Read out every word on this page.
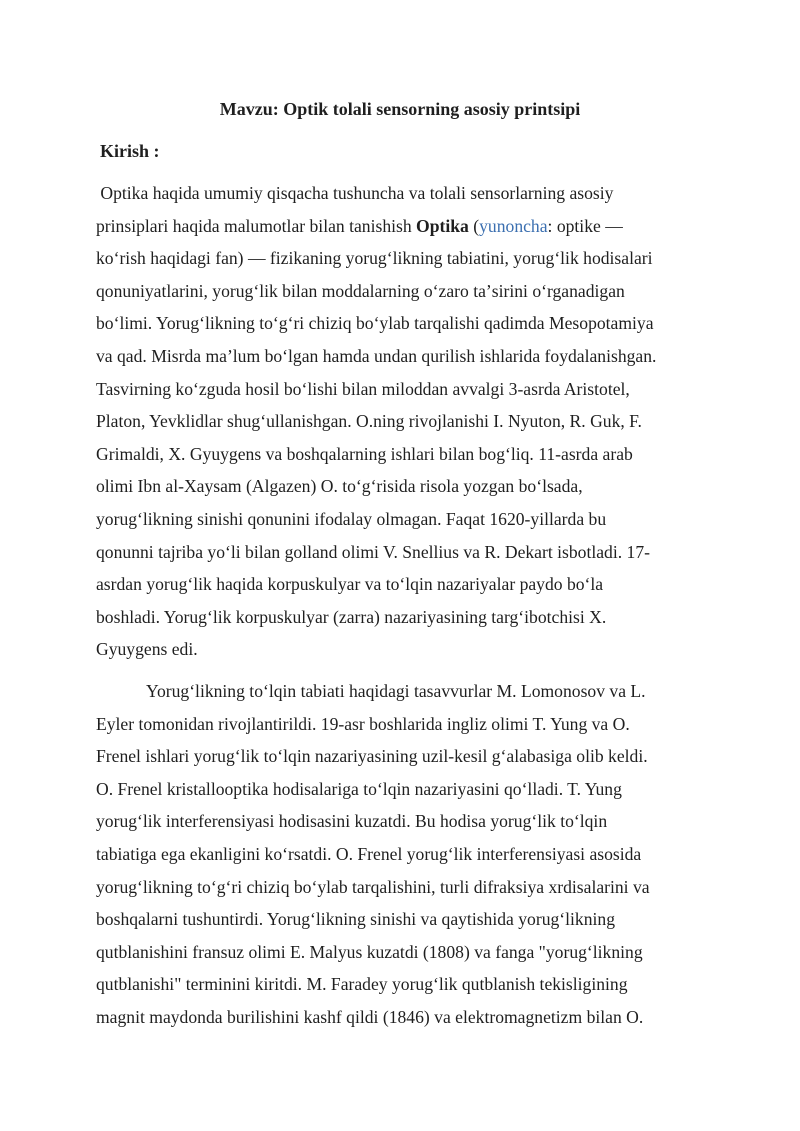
Mavzu: Optik tolali sensorning asosiy printsipi
Kirish :
Optika haqida umumiy qisqacha tushuncha va tolali sensorlarning asosiy
prinsiplari haqida malumotlar bilan tanishish Optika (yunoncha: optike —
koʻrish haqidagi fan) — fizikaning yorugʻlikning tabiatini, yorugʻlik hodisalari
qonuniyatlarini, yorugʻlik bilan moddalarning oʻzaro taʼsirini oʻrganadigan
boʻlimi. Yorugʻlikning toʻgʻri chiziq boʻylab tarqalishi qadimda Mesopotamiya
va qad. Misrda maʼlum boʻlgan hamda undan qurilish ishlarida foydalanishgan.
Tasvirning koʻzguda hosil boʻlishi bilan miloddan avvalgi 3-asrda Aristotel,
Platon, Yevklidlar shugʻullanishgan. O.ning rivojlanishi I. Nyuton, R. Guk, F.
Grimaldi, X. Gyuygens va boshqalarning ishlari bilan bogʻliq. 11-asrda arab
olimi Ibn al-Xaysam (Algazen) O. toʻgʻrisida risola yozgan boʻlsada,
yorugʻlikning sinishi qonunini ifodalay olmagan. Faqat 1620-yillarda bu
qonunni tajriba yoʻli bilan golland olimi V. Snellius va R. Dekart isbotladi. 17-
asrdan yorugʻlik haqida korpuskulyar va toʻlqin nazariyalar paydo boʻla
boshladi. Yorugʻlik korpuskulyar (zarra) nazariyasining targʻibotchisi X.
Gyuygens edi.
Yorugʻlikning toʻlqin tabiati haqidagi tasavvurlar M. Lomonosov va L.
Eyler tomonidan rivojlantirildi. 19-asr boshlarida ingliz olimi T. Yung va O.
Frenel ishlari yorugʻlik toʻlqin nazariyasining uzil-kesil gʻalabasiga olib keldi.
O. Frenel kristallooptika hodisalariga toʻlqin nazariyasini qoʻlladi. T. Yung
yorugʻlik interferensiyasi hodisasini kuzatdi. Bu hodisa yorugʻlik toʻlqin
tabiatiga ega ekanligini koʻrsatdi. O. Frenel yorugʻlik interferensiyasi asosida
yorugʻlikning toʻgʻri chiziq boʻylab tarqalishini, turli difraksiya xrdisalarini va
boshqalarni tushuntirdi. Yorugʻlikning sinishi va qaytishida yorugʻlikning
qutblanishini fransuz olimi E. Malyus kuzatdi (1808) va fanga "yorugʻlikning
qutblanishi" terminini kiritdi. M. Faradey yorugʻlik qutblanish tekisligining
magnit maydonda burilishini kashf qildi (1846) va elektromagnetizm bilan O.
